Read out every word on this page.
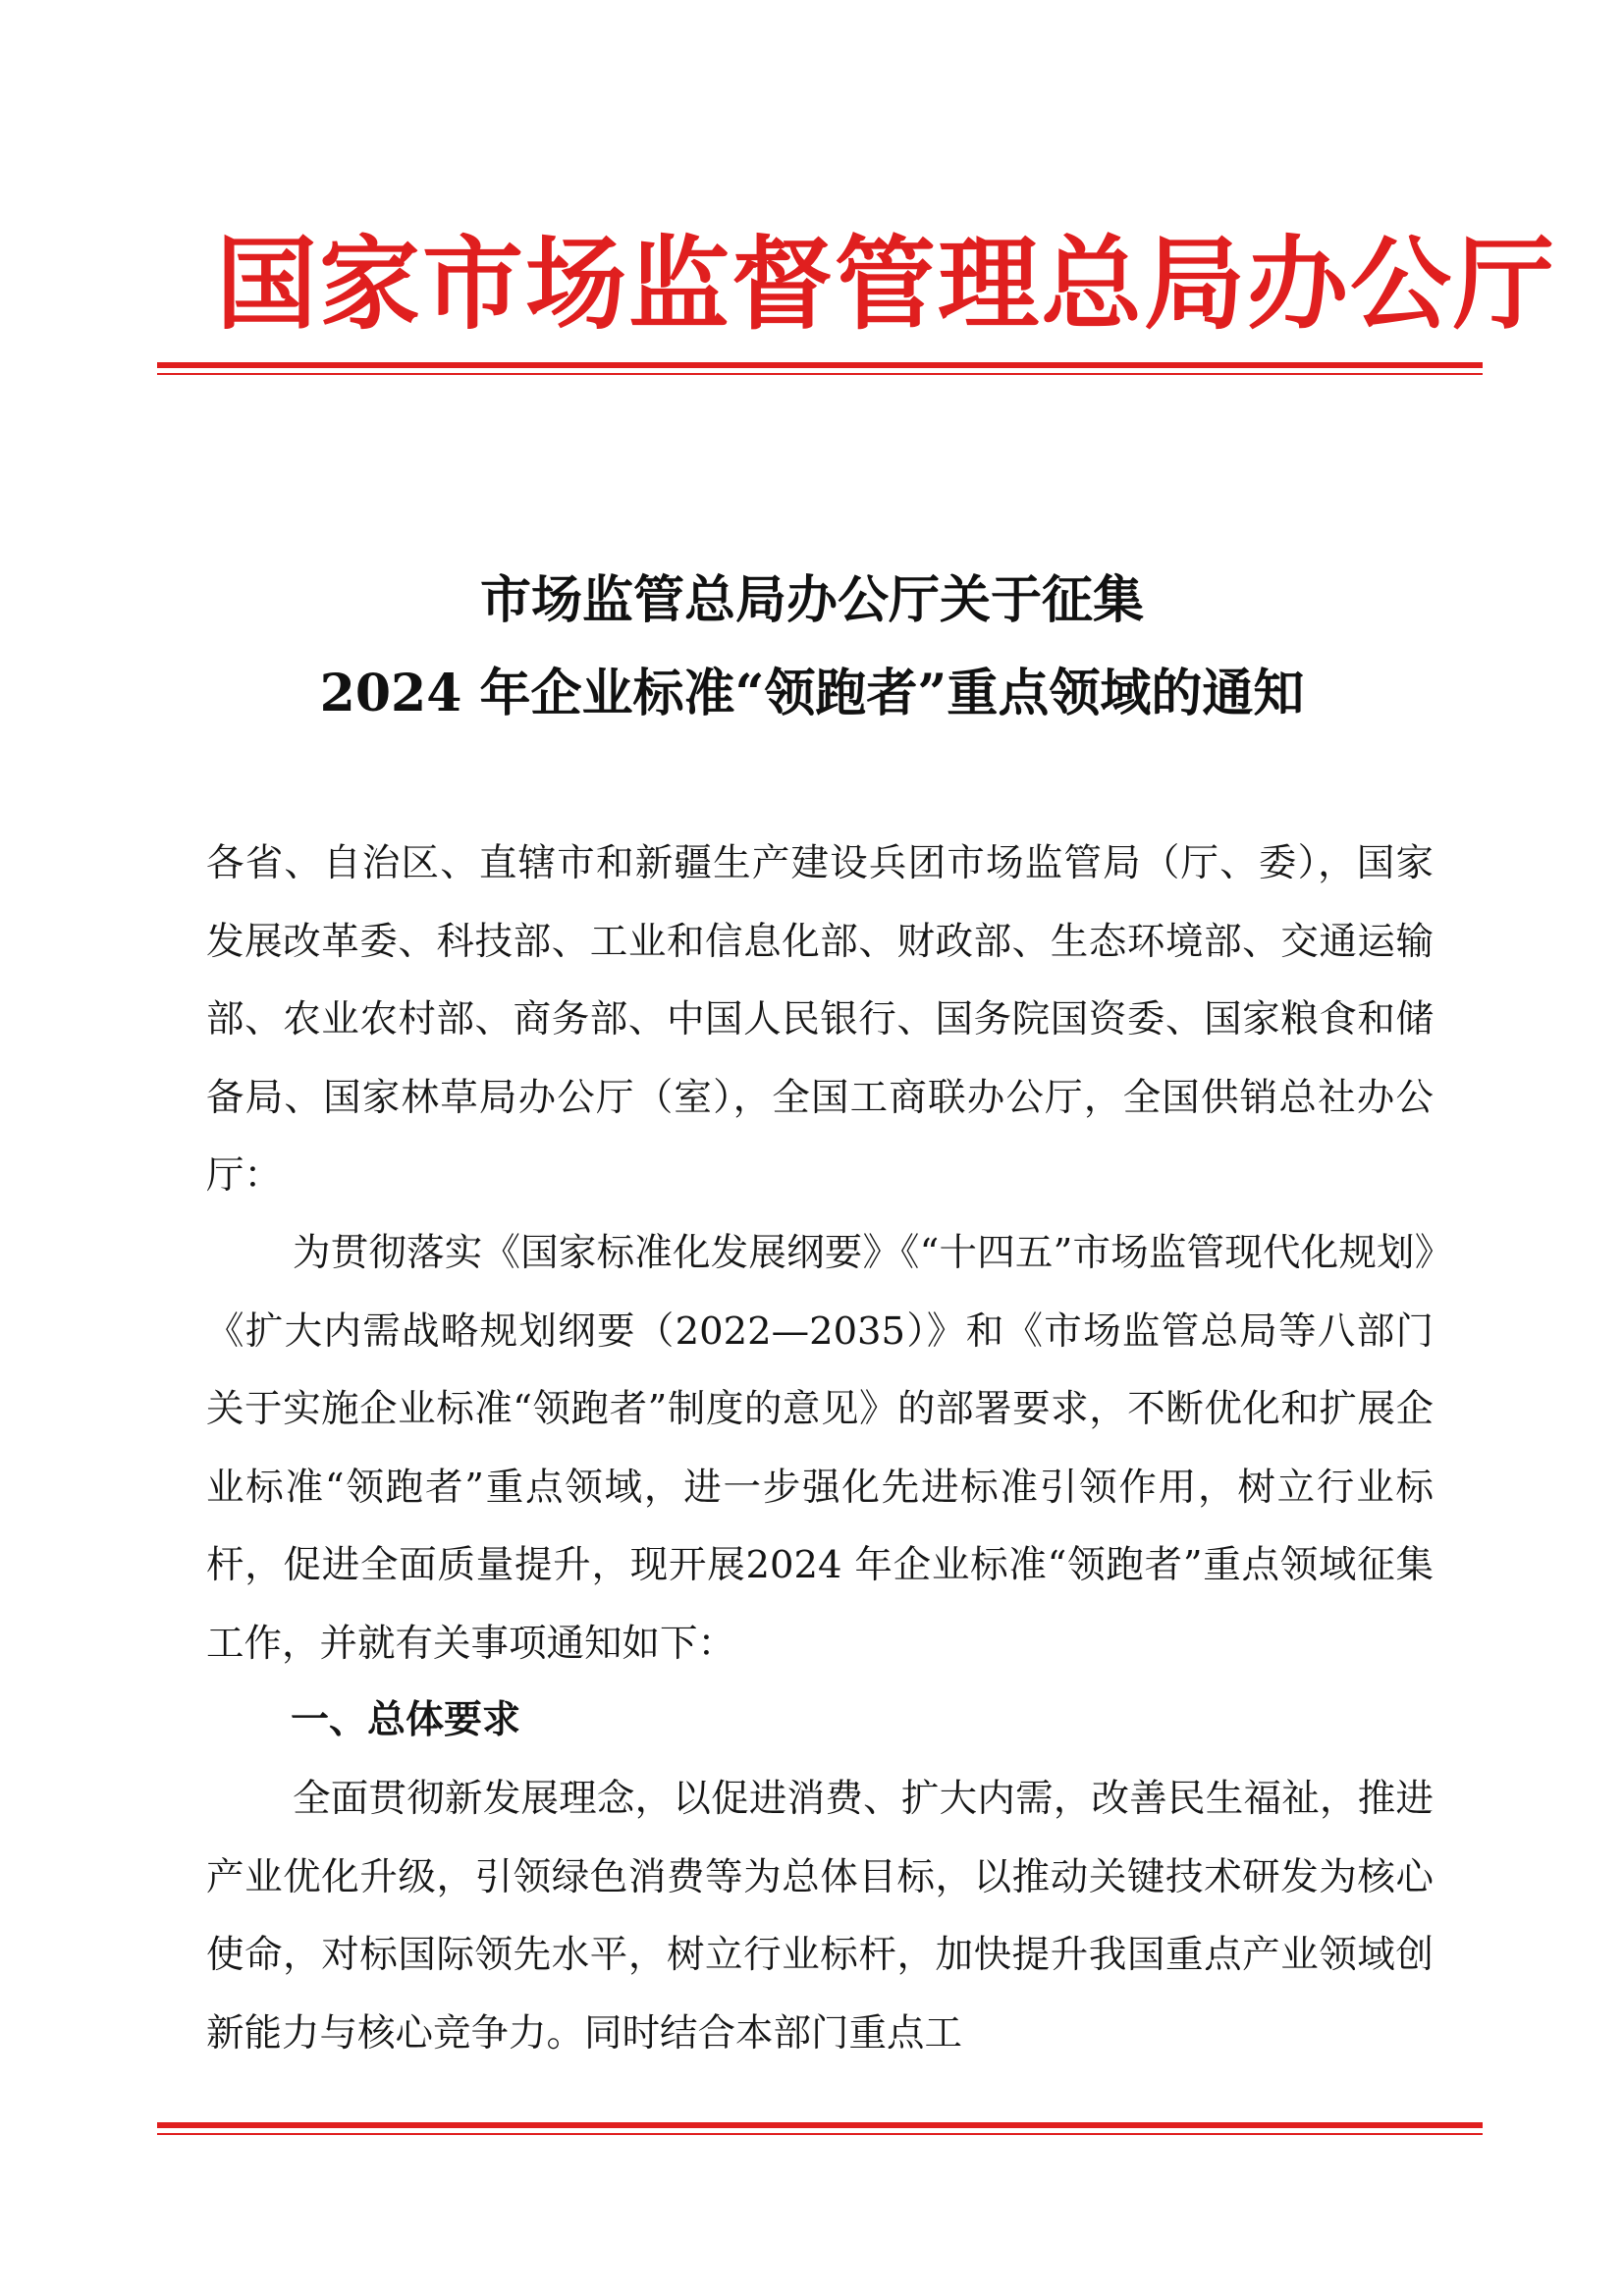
国家市场监督管理总局办公厅
市场监管总局办公厅关于征集
2024 年企业标准“领跑者”重点领域的通知
各省、自治区、直辖市和新疆生产建设兵团市场监管局（厅、委），国家发展改革委、科技部、工业和信息化部、财政部、生态环境部、交通运输部、农业农村部、商务部、中国人民银行、国务院国资委、国家粮食和储备局、国家林草局办公厅（室），全国工商联办公厅，全国供销总社办公厅：
为贯彻落实《国家标准化发展纲要》《“十四五”市场监管现代化规划》《扩大内需战略规划纲要（2022—2035）》和《市场监管总局等八部门关于实施企业标准“领跑者”制度的意见》的部署要求，不断优化和扩展企业标准“领跑者”重点领域，进一步强化先进标准引领作用，树立行业标杆，促进全面质量提升，现开展2024 年企业标准“领跑者”重点领域征集工作，并就有关事项通知如下：
一、总体要求
全面贯彻新发展理念，以促进消费、扩大内需，改善民生福祉，推进产业优化升级，引领绿色消费等为总体目标，以推动关键技术研发为核心使命，对标国际领先水平，树立行业标杆，加快提升我国重点产业领域创新能力与核心竞争力。同时结合本部门重点工
